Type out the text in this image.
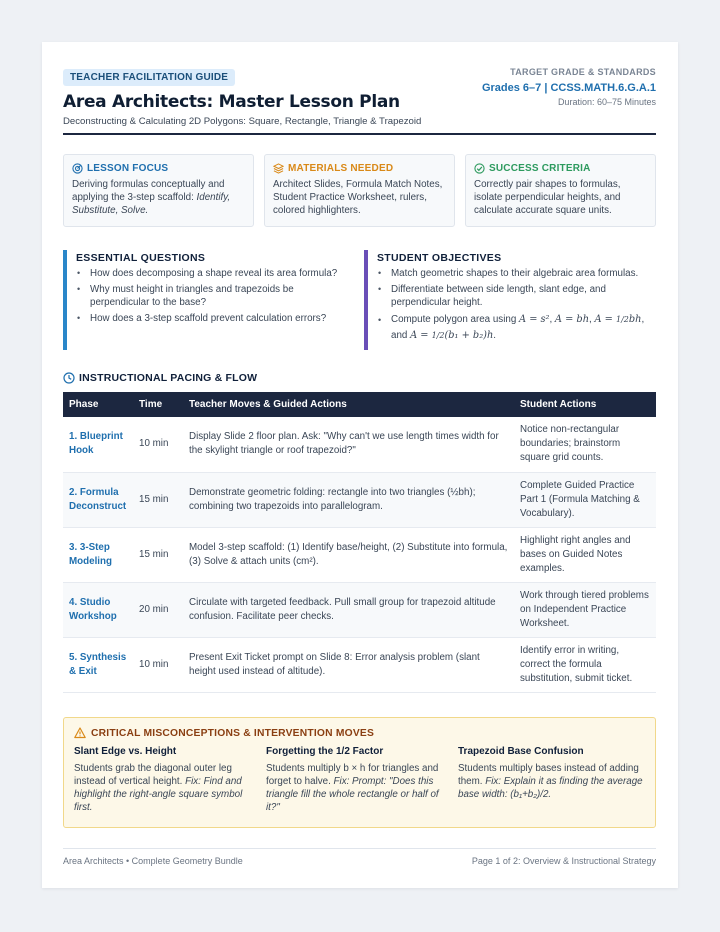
TEACHER FACILITATION GUIDE
Area Architects: Master Lesson Plan
Deconstructing & Calculating 2D Polygons: Square, Rectangle, Triangle & Trapezoid
TARGET GRADE & STANDARDS
Grades 6–7 | CCSS.MATH.6.G.A.1
Duration: 60–75 Minutes
LESSON FOCUS
Deriving formulas conceptually and applying the 3-step scaffold: Identify, Substitute, Solve.
MATERIALS NEEDED
Architect Slides, Formula Match Notes, Student Practice Worksheet, rulers, colored highlighters.
SUCCESS CRITERIA
Correctly pair shapes to formulas, isolate perpendicular heights, and calculate accurate square units.
ESSENTIAL QUESTIONS
• How does decomposing a shape reveal its area formula?
• Why must height in triangles and trapezoids be perpendicular to the base?
• How does a 3-step scaffold prevent calculation errors?
STUDENT OBJECTIVES
• Match geometric shapes to their algebraic area formulas.
• Differentiate between side length, slant edge, and perpendicular height.
• Compute polygon area using A = s², A = bh, A = 1/2bh, and A = 1/2(b₁ + b₂)h.
INSTRUCTIONAL PACING & FLOW
Phase	Time	Teacher Moves & Guided Actions	Student Actions
1. Blueprint Hook	10 min	Display Slide 2 floor plan. Ask: "Why can't we use length times width for the skylight triangle or roof trapezoid?"	Notice non-rectangular boundaries; brainstorm square grid counts.
2. Formula Deconstruct	15 min	Demonstrate geometric folding: rectangle into two triangles (½bh); combining two trapezoids into parallelogram.	Complete Guided Practice Part 1 (Formula Matching & Vocabulary).
3. 3-Step Modeling	15 min	Model 3-step scaffold: (1) Identify base/height, (2) Substitute into formula, (3) Solve & attach units (cm²).	Highlight right angles and bases on Guided Notes examples.
4. Studio Workshop	20 min	Circulate with targeted feedback. Pull small group for trapezoid altitude confusion. Facilitate peer checks.	Work through tiered problems on Independent Practice Worksheet.
5. Synthesis & Exit	10 min	Present Exit Ticket prompt on Slide 8: Error analysis problem (slant height used instead of altitude).	Identify error in writing, correct the formula substitution, submit ticket.
CRITICAL MISCONCEPTIONS & INTERVENTION MOVES
Slant Edge vs. Height

Students grab the diagonal outer leg instead of vertical height. Fix: Find and highlight the right-angle square symbol first.

Forgetting the 1/2 Factor

Students multiply b × h for triangles and forget to halve. Fix: Prompt: "Does this triangle fill the whole rectangle or half of it?"

Trapezoid Base Confusion

Students multiply bases instead of adding them. Fix: Explain it as finding the average base width: (b₁+b₂)/2.

Area Architects • Complete Geometry Bundle	Page 1 of 2: Overview & Instructional Strategy
